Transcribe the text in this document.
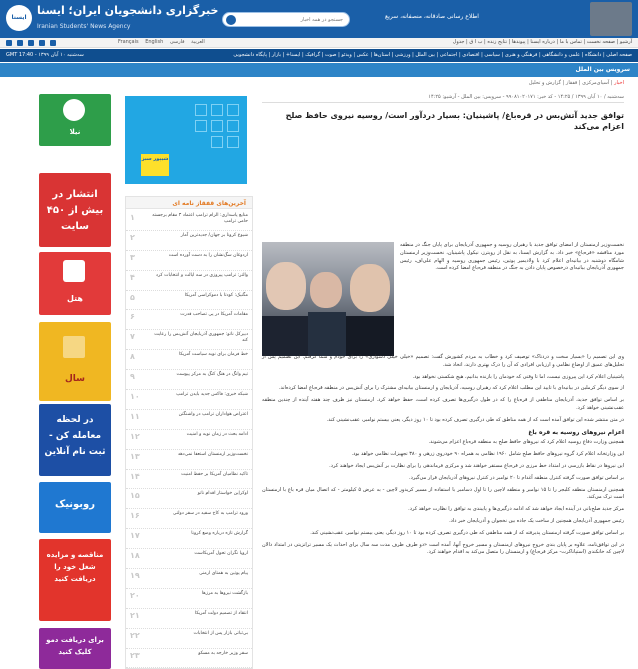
ایسنا
خبرگزاری دانشجویان ایران؛ ایسنا
Iranian Students' News Agency
جستجو در همه اخبار
اطلاع رسانی صادقانه، منصفانه، سریع

Français English	العربية فارسی	آرشیو | صفحه نخست | تماس با ما | درباره ایسنا | پیوندها | نتایج زنده | ب ا ق | جدول
سه‌شنبه ۱۰ آبان ۱۳۹۹ - GMT 17:40	صفحه اصلی | دانشگاه | علمی و دانشگاهی | فرهنگی و هنری | سیاسی | اقتصادی | اجتماعی | بین الملل | ورزشی | استان‌ها | عکس | ویدئو | صوت | گرافیک | ایسنا+ | بازار | پایگاه دانشجویی
سرویس بین الملل
اخبار | آسیای‌مرکزی | قفقاز | گزارش و تحلیل
سه‌شنبه / ۱۰ آبان ۱۳۹۹ / ۱۴:۲۵ - کد خبر: ۹۹۰۸۱۰۲۰۱۷۱ - سرویس: بین الملل - آرشیو: ۱۴:۲۵
توافق جدید آتش‌بس در قره‌باغ/ پاشینیان: بسیار دردآور است/ روسیه نیروی حافظ صلح اعزام می‌کند
نخست‌وزیر ارمنستان از امضای توافق جدید با رهبران روسیه و جمهوری آذربایجان برای پایان جنگ در منطقه مورد مناقشه «قره‌باغ» خبر داد. به گزارش ایسنا، به نقل از رویترز، نیکول پاشینیان، نخست‌وزیر ارمنستان شامگاه دوشنبه در بیانیه‌ای اعلام کرد با ولادیمیر پوتین، رئیس جمهوری روسیه و الهام علی‌اف، رئیس جمهوری آذربایجان بیانیه‌ای درخصوص پایان دادن به جنگ در منطقه قره‌باغ امضا کرده است.

وی این تصمیم را «بسیار سخت و دردناک» توصیف کرد و خطاب به مردم کشورش گفت: تصمیم «خیلی خیلی دشواری» را برای خودم و شما گرفتم. این تصمیم پس از تحلیل‌های عمیق از اوضاع نظامی و ارزیابی افرادی که آن را درک بهتری دارند، اتخاذ شد.

پاشینیان اعلام کرد این پیروزی نیست، اما تا وقتی که خودمان را بازنده بدانیم، هیچ شکستی نخواهد بود.

از سوی دیگر کرملین در بیانیه‌ای با تایید این مطلب اعلام کرد که رهبران روسیه، آذربایجان و ارمنستان بیانیه‌ای مشترک را برای آتش‌بس در منطقه قره‌باغ امضا کرده‌اند.

بر اساس توافق جدید، آذربایجان مناطقی از قره‌باغ را که در طول درگیری‌ها تصرف کرده است، حفظ خواهد کرد. ارمنستان نیز ظرف چند هفته آینده از چندین منطقه عقب‌نشینی خواهد کرد.

در متن منتشر شده این توافق آمده است که از همه مناطق که طی درگیری تصرف کرده بود تا ۱۰ روز دیگر، یعنی بیستم نوامبر، عقب‌نشینی کند.

اعزام نیروهای روسیه به قره باغ

همچنین وزارت دفاع روسیه اعلام کرد که نیروهای حافظ صلح به منطقه قره‌باغ اعزام می‌شوند.

این وزارتخانه اعلام کرد گروه نیروهای حافظ صلح شامل ۱۹۶۰ نظامی به همراه ۹۰ خودروی زرهی و ۳۸۰ تجهیزات نظامی خواهد بود.

این نیروها در نقاط بازرسی در امتداد خط مرزی در قره‌باغ مستقر خواهند شد و مرکزی فرماندهی را برای نظارت بر آتش‌بس ایجاد خواهند کرد.

بر اساس توافق صورت گرفته کنترل منطقه آغدام تا ۲۰ نوامبر در کنترل نیروهای آذربایجان قرار می‌گیرد.

همچنین ارمنستان منطقه کلبجر را تا ۱۵ نوامبر و منطقه لاچین را تا اول دسامبر با استفاده از مسیر کریدور لاچین - به عرض ۵ کیلومتر - که اتصال میان قره باغ با ارمنستان است ترک می‌کند.

مرکز جدید صلح‌بانی در آینده ایجاد خواهد شد که ادامه درگیری‌ها و پایبندی به توافق را نظارت خواهد کرد.

رئیس جمهوری آذربایجان همچنین از ساخت یک جاده بین نخجوان و آذربایجان خبر داد.

بر اساس توافق صورت گرفته ارمنستان پذیرفته که از همه مناطقی که طی درگیری تصرف کرده بود تا ۱۰ روز دیگر، یعنی بیستم نوامبر، عقب‌نشینی کند.

در این توافق‌نامه، علاوه بر پایان بندی خروج نیروهای ارمنستان و مسیر خروج آنها، آمده است «دو طرف ظرف مدت سه سال برای احداث یک مسیر ترانزیتی در امتداد دالان لاچین که خانکندی (استپاناکرت- مرکز قره‌باغ) و ارمنستان را متصل می‌کند به اقدام خواهند کرد.

شیپور سبز
آخرین‌های قفقاز‌‌ نامه ای
۱	منابع پاسداری: الزام ترامپ اعتماد ۳ مقام برجسته حامی ترامپ
۲	شیوع کرونا بر جهان/ جدیدترین آمار
۳	اردوغان سگ‌نشان را به دست آورده است
۴	والتر: ترامپ پیروزی در سه ایالت و انتخابات کرد
۵	مگنیک: کودتا با دموکراسی آمریکا
۶	مقامات آمریکا در پی تصاحب قدرت
۷	دبیرکل ناتو: جمهوری آذربایجان آتش‌بس را رعایت کند
۸	خط فرمان برای نوبه سیاست آمریکا
۹	تیم وانگ در هنگ کنگ به مرکز پیوست
۱۰	شبکه خبری: فاکس جدید بایدن ترامپ
۱۱	اعتراض هواداران ترامپ در واشنگتن
۱۲	ادامه بحث در زمان نوبه و امنیت
۱۳	نخست‌وزیر ارمنستان استعفا نمی‌دهد
۱۴	تاکید نظامیان آمریکا بر حفظ امنیت
۱۵	اوکراین خواستار اقدام ناتو
۱۶	ورود ترامپ به کاخ سفید در سفر دولتی
۱۷	گزارش تازه درباره وضع کرونا
۱۸	اروپا نگران تحول آمریکاست
۱۹	پیام پوتین به همتای ارمنی
۲۰	بازگشت نیروها به مرزها
۲۱	انتقاد از تصمیم دولت آمریکا
۲۲	بی‌ثباتی بازار پس از انتخابات
۲۳	سفر وزیر خارجه به مسکو
نیلا
انتشار در بیش از ۴۵۰ سایت
هتل
سال
در لحظه معامله کن - ثبت نام آنلاین
روبونیک
مناقصه و مزایده شغل خود را دریافت کنید
برای دریافت دمو کلیک کنید
